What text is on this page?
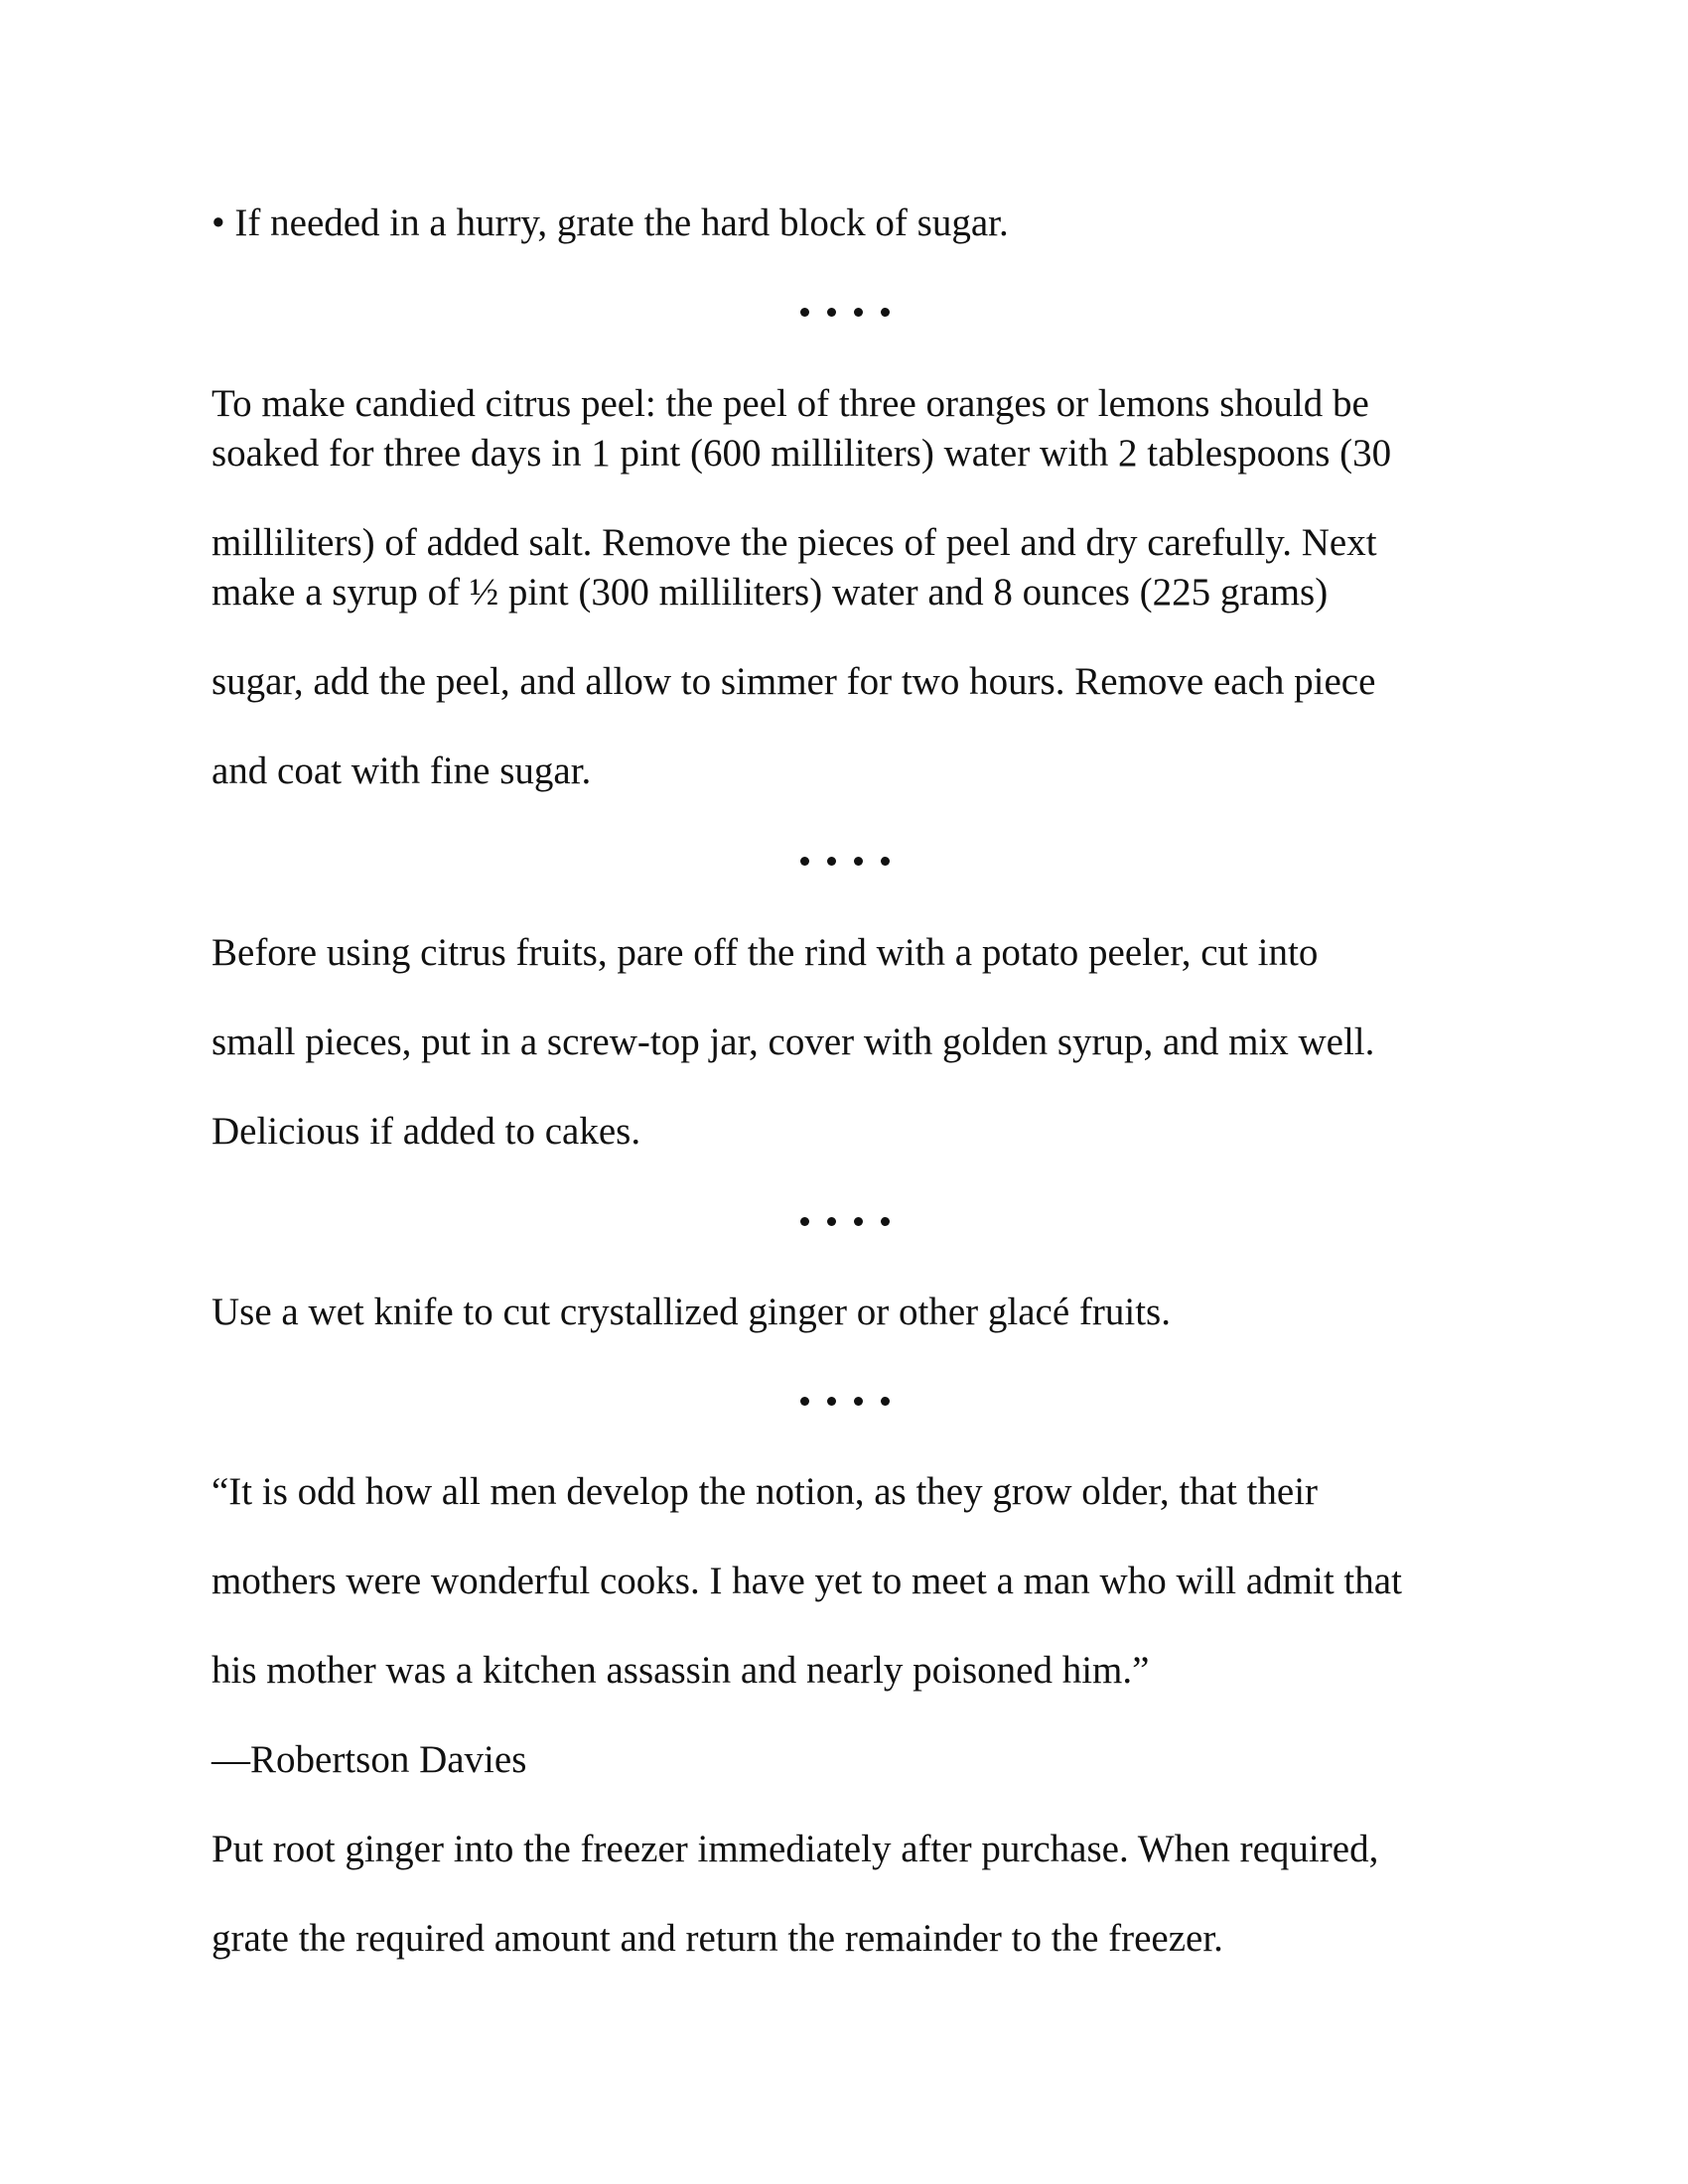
• If needed in a hurry, grate the hard block of sugar.

To make candied citrus peel: the peel of three oranges or lemons should be

soaked for three days in 1 pint (600 milliliters) water with 2 tablespoons (30

milliliters) of added salt. Remove the pieces of peel and dry carefully. Next

make a syrup of ½ pint (300 milliliters) water and 8 ounces (225 grams)

sugar, add the peel, and allow to simmer for two hours. Remove each piece

and coat with fine sugar.

Before using citrus fruits, pare off the rind with a potato peeler, cut into

small pieces, put in a screw-top jar, cover with golden syrup, and mix well.

Delicious if added to cakes.

Use a wet knife to cut crystallized ginger or other glacé fruits.

“It is odd how all men develop the notion, as they grow older, that their

mothers were wonderful cooks. I have yet to meet a man who will admit that

his mother was a kitchen assassin and nearly poisoned him.”

—Robertson Davies

Put root ginger into the freezer immediately after purchase. When required,

grate the required amount and return the remainder to the freezer.
